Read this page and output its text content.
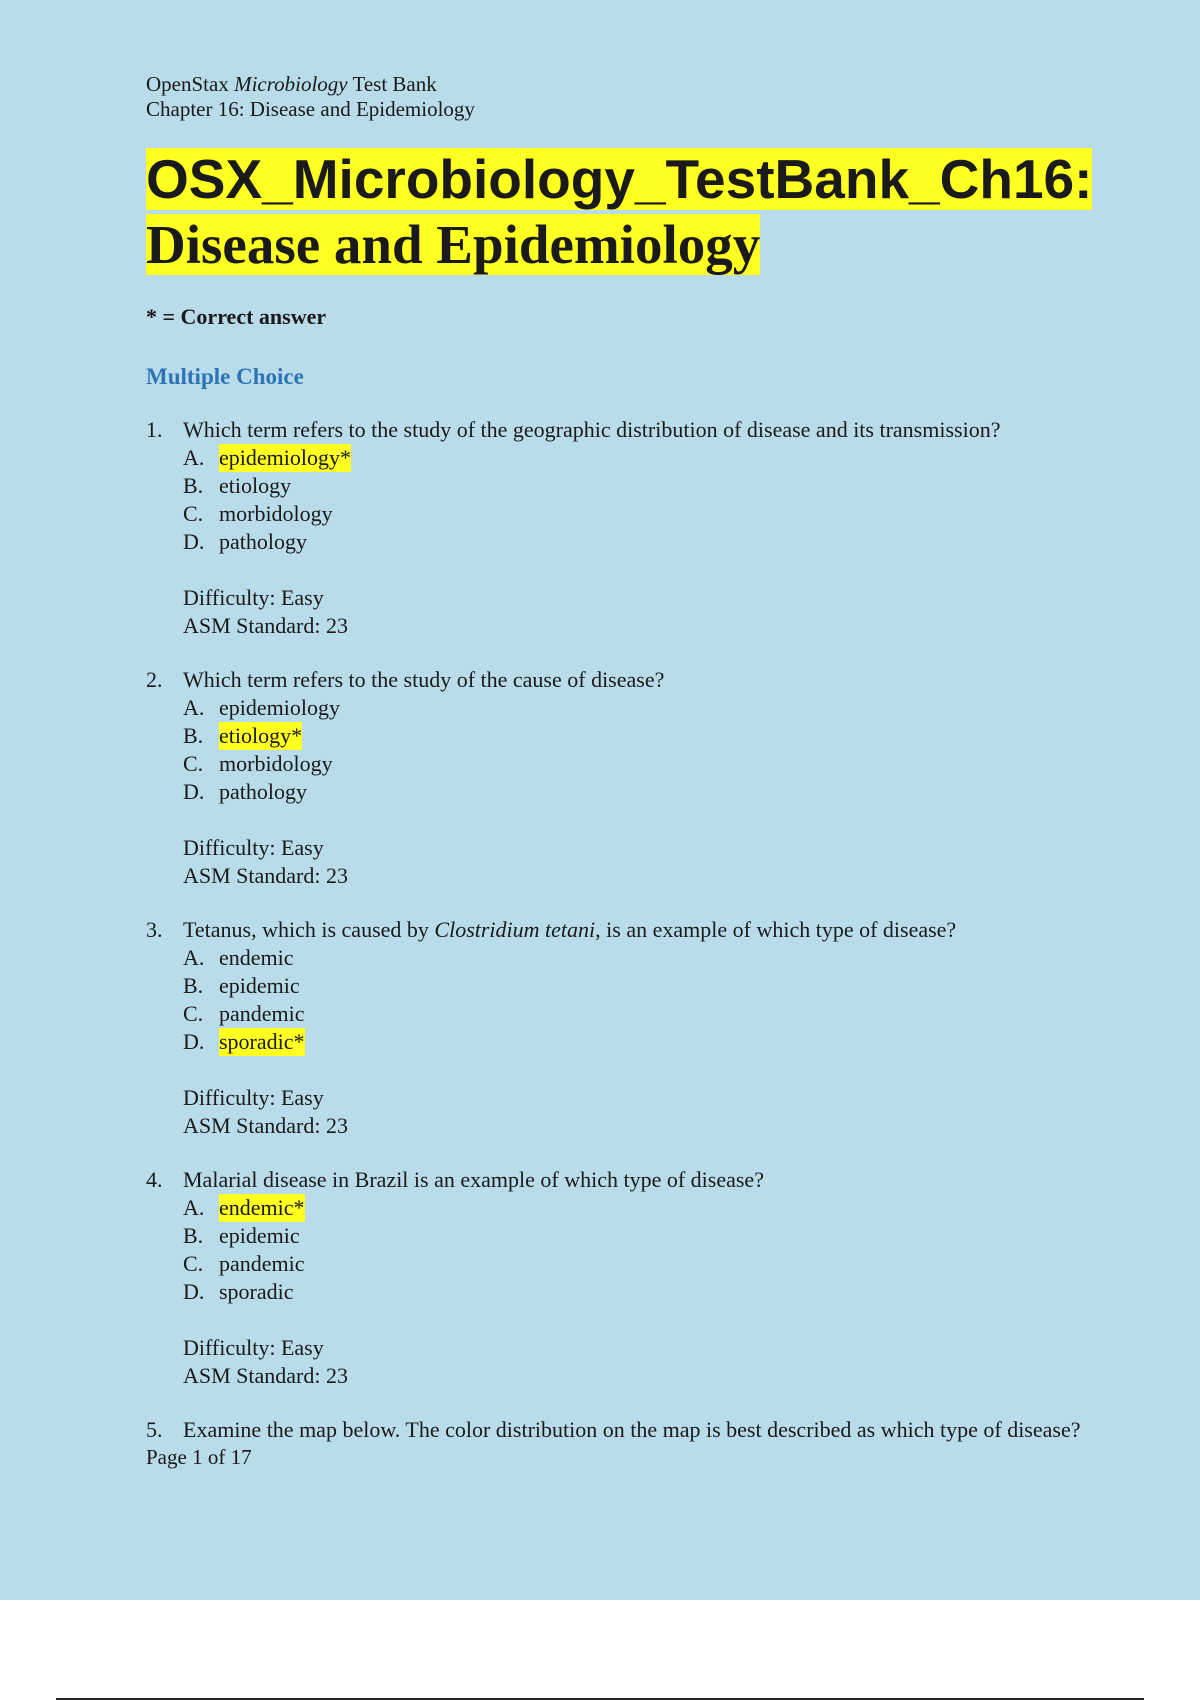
OpenStax Microbiology Test Bank
Chapter 16: Disease and Epidemiology
OSX_Microbiology_TestBank_Ch16:
Disease and Epidemiology
* = Correct answer
Multiple Choice
1. Which term refers to the study of the geographic distribution of disease and its transmission?
A. epidemiology*
B. etiology
C. morbidology
D. pathology
Difficulty: Easy
ASM Standard: 23
2. Which term refers to the study of the cause of disease?
A. epidemiology
B. etiology*
C. morbidology
D. pathology
Difficulty: Easy
ASM Standard: 23
3. Tetanus, which is caused by Clostridium tetani, is an example of which type of disease?
A. endemic
B. epidemic
C. pandemic
D. sporadic*
Difficulty: Easy
ASM Standard: 23
4. Malarial disease in Brazil is an example of which type of disease?
A. endemic*
B. epidemic
C. pandemic
D. sporadic
Difficulty: Easy
ASM Standard: 23
5. Examine the map below. The color distribution on the map is best described as which type of disease?
Page 1 of 17
